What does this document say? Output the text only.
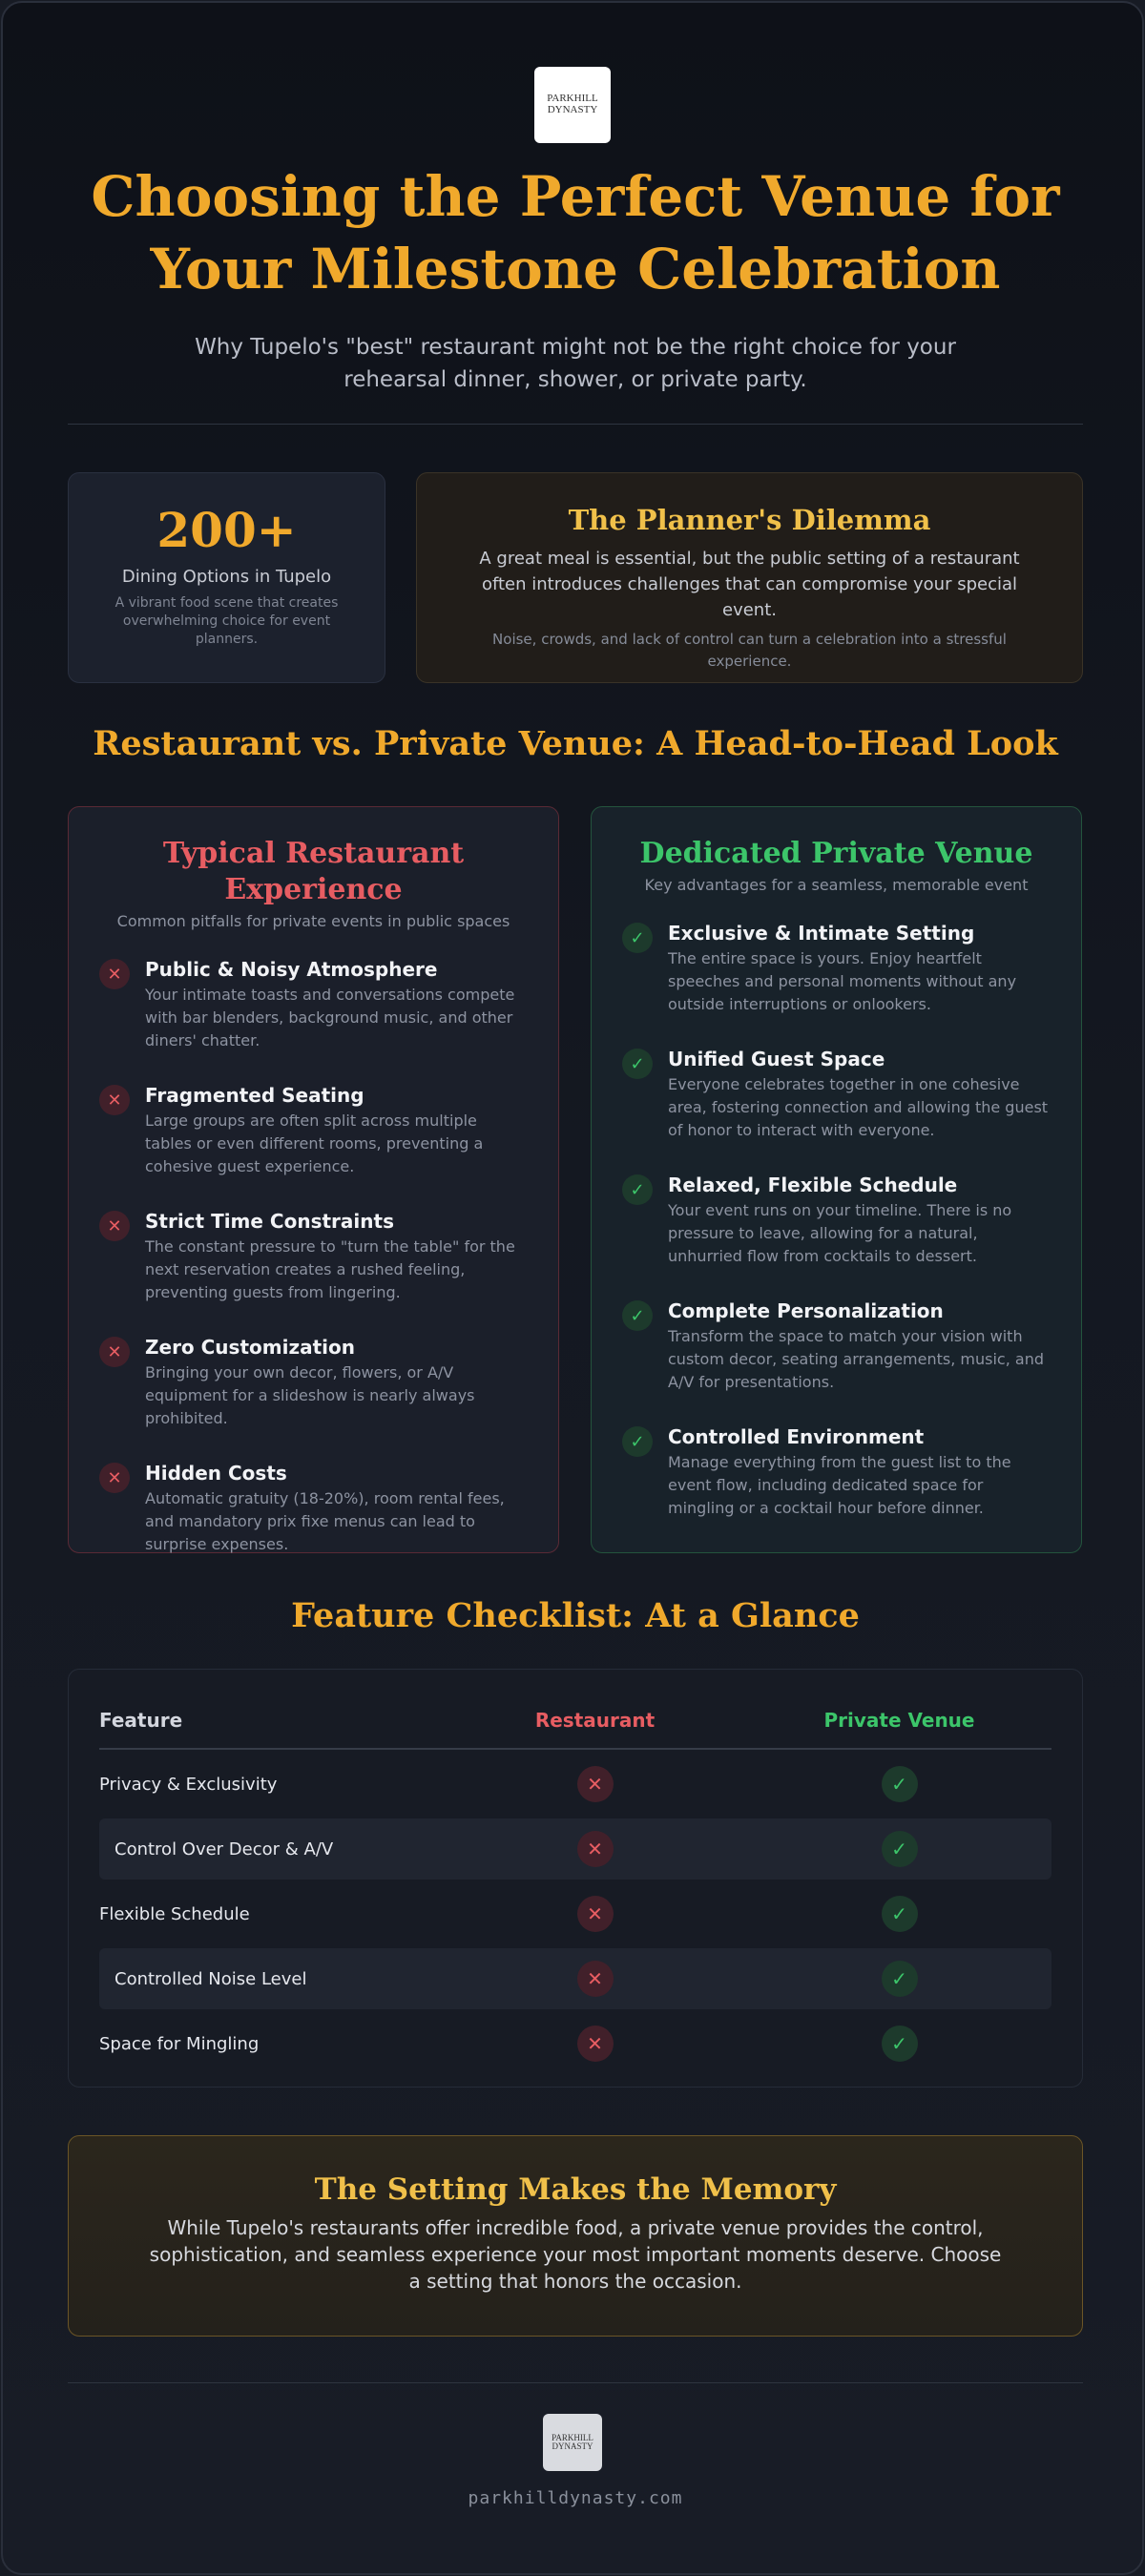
PARKHILL
DYNASTY
Choosing the Perfect Venue for Your Milestone Celebration

Why Tupelo's "best" restaurant might not be the right choice for your rehearsal dinner, shower, or private party.

200+
Dining Options in Tupelo
A vibrant food scene that creates overwhelming choice for event planners.
The Planner's Dilemma
A great meal is essential, but the public setting of a restaurant often introduces challenges that can compromise your special event.
Noise, crowds, and lack of control can turn a celebration into a stressful experience.
Restaurant vs. Private Venue: A Head-to-Head Look
Typical Restaurant Experience
Common pitfalls for private events in public spaces
✕	Public & Noisy Atmosphere
Your intimate toasts and conversations compete with bar blenders, background music, and other diners' chatter.
✕	Fragmented Seating
Large groups are often split across multiple tables or even different rooms, preventing a cohesive guest experience.
✕	Strict Time Constraints
The constant pressure to "turn the table" for the next reservation creates a rushed feeling, preventing guests from lingering.
✕	Zero Customization
Bringing your own decor, flowers, or A/V equipment for a slideshow is nearly always prohibited.
✕	Hidden Costs
Automatic gratuity (18-20%), room rental fees, and mandatory prix fixe menus can lead to surprise expenses.
Dedicated Private Venue
Key advantages for a seamless, memorable event
✓	Exclusive & Intimate Setting
The entire space is yours. Enjoy heartfelt speeches and personal moments without any outside interruptions or onlookers.
✓	Unified Guest Space
Everyone celebrates together in one cohesive area, fostering connection and allowing the guest of honor to interact with everyone.
✓	Relaxed, Flexible Schedule
Your event runs on your timeline. There is no pressure to leave, allowing for a natural, unhurried flow from cocktails to dessert.
✓	Complete Personalization
Transform the space to match your vision with custom decor, seating arrangements, music, and A/V for presentations.
✓	Controlled Environment
Manage everything from the guest list to the event flow, including dedicated space for mingling or a cocktail hour before dinner.
Feature Checklist: At a Glance
Feature	Restaurant	Private Venue
Privacy & Exclusivity	✕	✓
Control Over Decor & A/V	✕	✓
Flexible Schedule	✕	✓
Controlled Noise Level	✕	✓
Space for Mingling	✕	✓
The Setting Makes the Memory
While Tupelo's restaurants offer incredible food, a private venue provides the control, sophistication, and seamless experience your most important moments deserve. Choose a setting that honors the occasion.
PARKHILL
DYNASTY
parkhilldynasty.com
